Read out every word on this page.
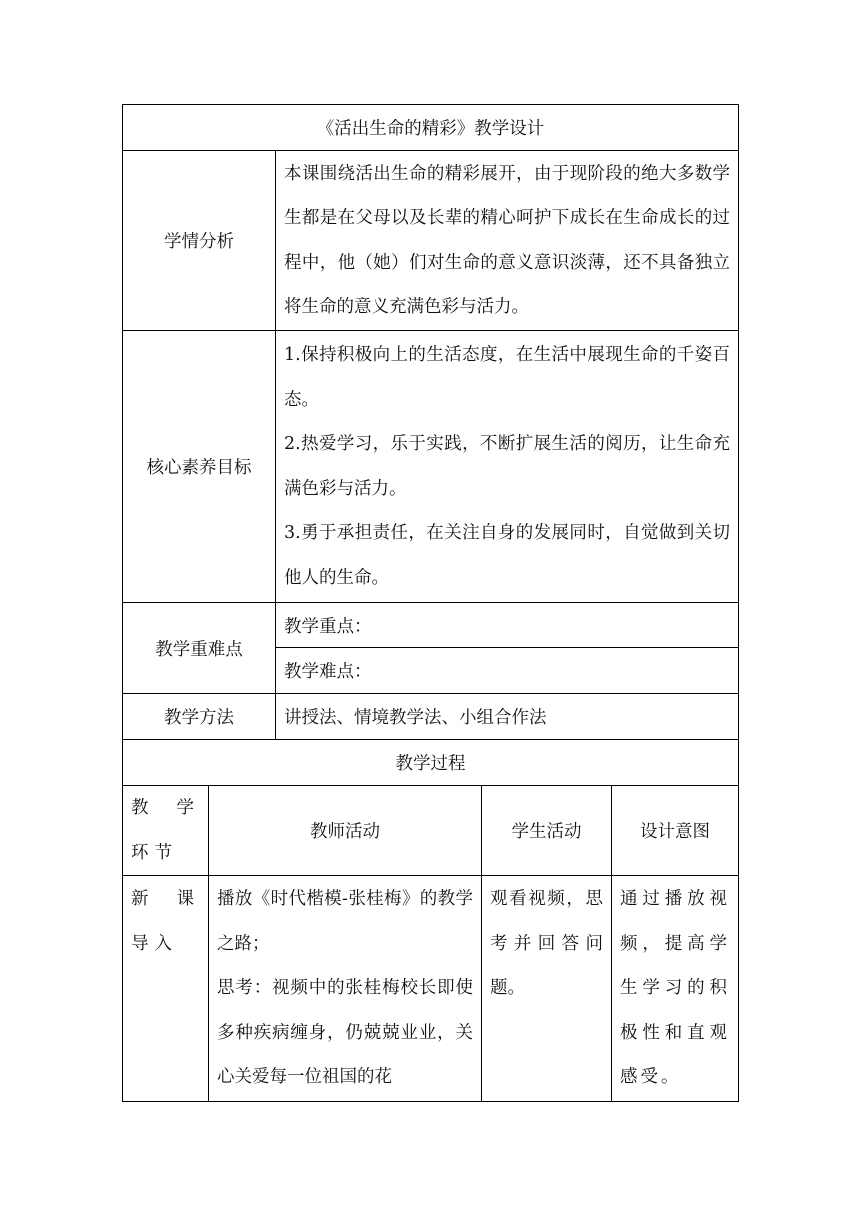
《活出生命的精彩》教学设计				
学情分析		本课围绕活出生命的精彩展开，由于现阶段的绝大多数学生都是在父母以及长辈的精心呵护下成长在生命成长的过程中，他（她）们对生命的意义意识淡薄，还不具备独立将生命的意义充满色彩与活力。		
核心素养目标		1.保持积极向上的生活态度，在生活中展现生命的千姿百态。

2.热爱学习，乐于实践，不断扩展生活的阅历，让生命充满色彩与活力。

3.勇于承担责任，在关注自身的发展同时，自觉做到关切他人的生命。		

教学重难点		教学重点：		
		教学难点：		
教学方法		讲授法、情境教学法、小组合作法		
教学过程				
教学环节	教师活动		学生活动	设计意图
新课导入	播放《时代楷模-张桂梅》的教学之路；

思考：视频中的张桂梅校长即使多种疾病缠身，仍兢兢业业，关心关爱每一位祖国的花		观看视频，思考并回答问题。	通过播放视频，提高学生学习的积极性和直观感受。
